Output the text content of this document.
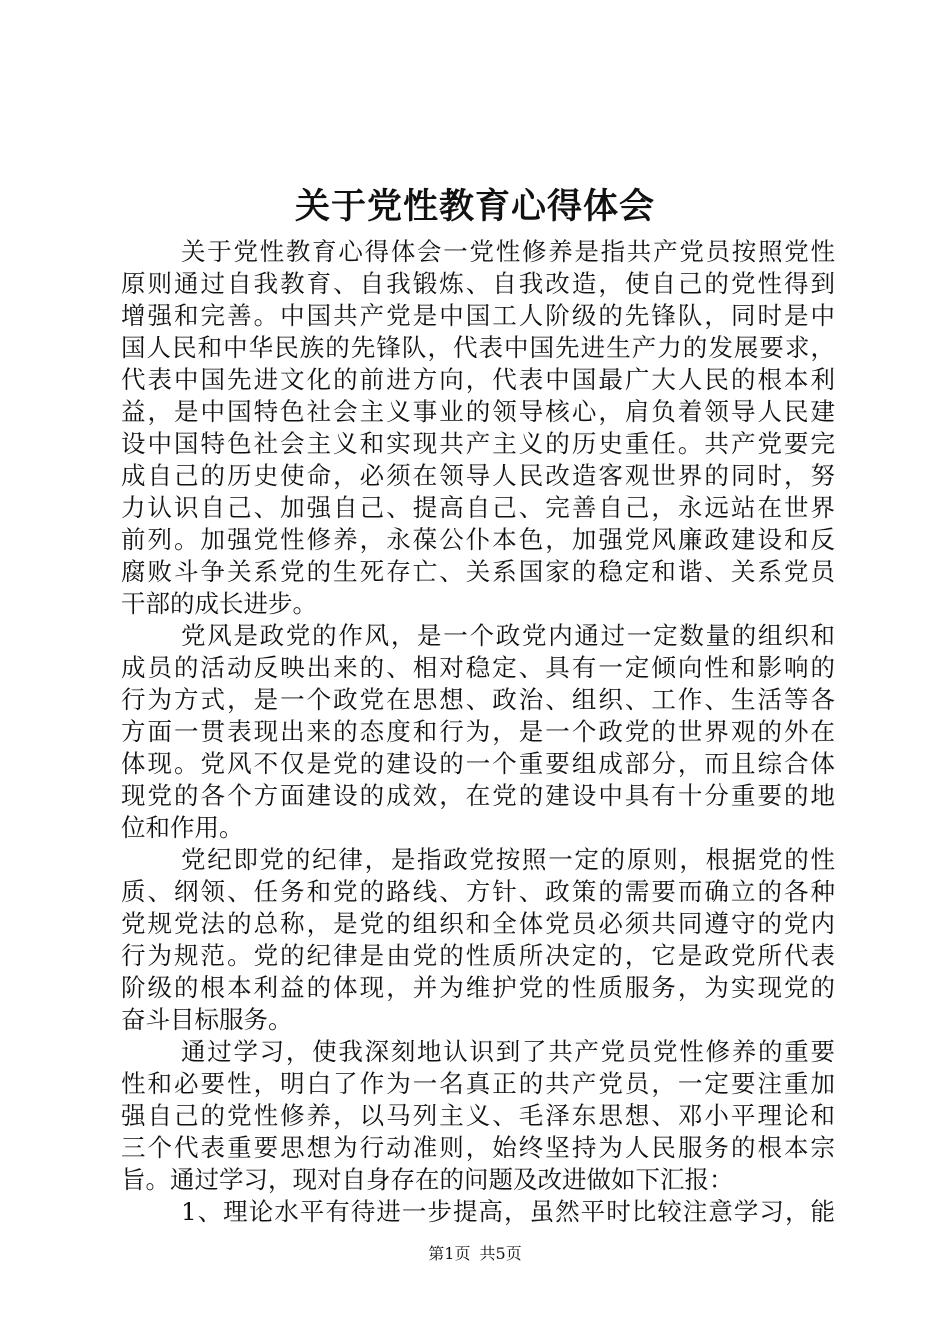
关于党性教育心得体会
关于党性教育心得体会一党性修养是指共产党员按照党性
原则通过自我教育、自我锻炼、自我改造，使自己的党性得到
增强和完善。中国共产党是中国工人阶级的先锋队，同时是中
国人民和中华民族的先锋队，代表中国先进生产力的发展要求，
代表中国先进文化的前进方向，代表中国最广大人民的根本利
益，是中国特色社会主义事业的领导核心，肩负着领导人民建
设中国特色社会主义和实现共产主义的历史重任。共产党要完
成自己的历史使命，必须在领导人民改造客观世界的同时，努
力认识自己、加强自己、提高自己、完善自己，永远站在世界
前列。加强党性修养，永葆公仆本色，加强党风廉政建设和反
腐败斗争关系党的生死存亡、关系国家的稳定和谐、关系党员
干部的成长进步。
党风是政党的作风，是一个政党内通过一定数量的组织和
成员的活动反映出来的、相对稳定、具有一定倾向性和影响的
行为方式，是一个政党在思想、政治、组织、工作、生活等各
方面一贯表现出来的态度和行为，是一个政党的世界观的外在
体现。党风不仅是党的建设的一个重要组成部分，而且综合体
现党的各个方面建设的成效，在党的建设中具有十分重要的地
位和作用。
党纪即党的纪律，是指政党按照一定的原则，根据党的性
质、纲领、任务和党的路线、方针、政策的需要而确立的各种
党规党法的总称，是党的组织和全体党员必须共同遵守的党内
行为规范。党的纪律是由党的性质所决定的，它是政党所代表
阶级的根本利益的体现，并为维护党的性质服务，为实现党的
奋斗目标服务。
通过学习，使我深刻地认识到了共产党员党性修养的重要
性和必要性，明白了作为一名真正的共产党员，一定要注重加
强自己的党性修养，以马列主义、毛泽东思想、邓小平理论和
三个代表重要思想为行动准则，始终坚持为人民服务的根本宗
旨。通过学习，现对自身存在的问题及改进做如下汇报：
1、理论水平有待进一步提高，虽然平时比较注意学习，能
第1页 共5页
